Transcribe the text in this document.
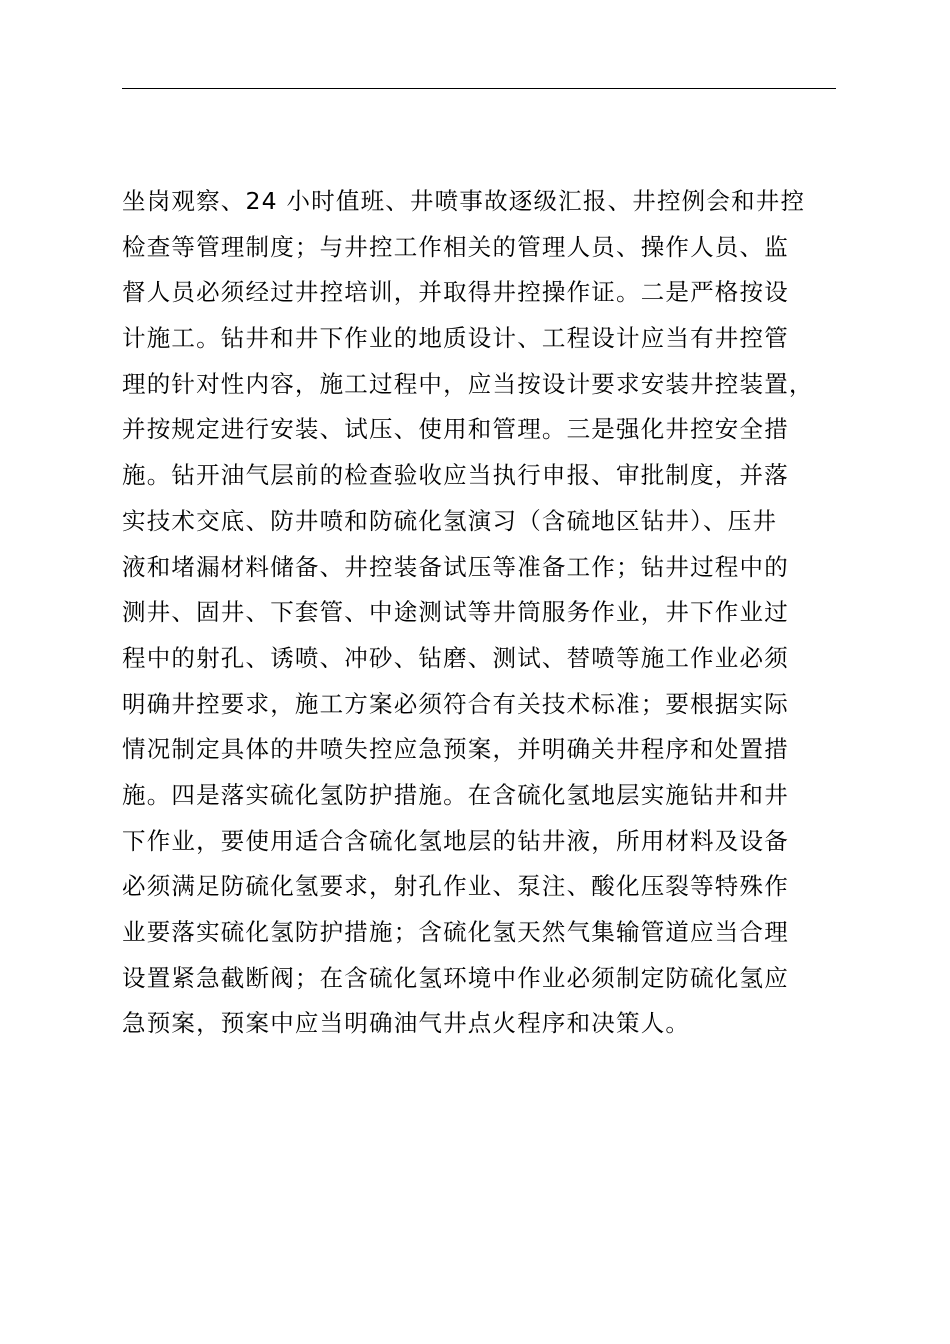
坐岗观察、24 小时值班、井喷事故逐级汇报、井控例会和井控
检查等管理制度；与井控工作相关的管理人员、操作人员、监
督人员必须经过井控培训，并取得井控操作证。二是严格按设
计施工。钻井和井下作业的地质设计、工程设计应当有井控管
理的针对性内容，施工过程中，应当按设计要求安装井控装置，
并按规定进行安装、试压、使用和管理。三是强化井控安全措
施。钻开油气层前的检查验收应当执行申报、审批制度，并落
实技术交底、防井喷和防硫化氢演习（含硫地区钻井）、压井
液和堵漏材料储备、井控装备试压等准备工作；钻井过程中的
测井、固井、下套管、中途测试等井筒服务作业，井下作业过
程中的射孔、诱喷、冲砂、钻磨、测试、替喷等施工作业必须
明确井控要求，施工方案必须符合有关技术标准；要根据实际
情况制定具体的井喷失控应急预案，并明确关井程序和处置措
施。四是落实硫化氢防护措施。在含硫化氢地层实施钻井和井
下作业，要使用适合含硫化氢地层的钻井液，所用材料及设备
必须满足防硫化氢要求，射孔作业、泵注、酸化压裂等特殊作
业要落实硫化氢防护措施；含硫化氢天然气集输管道应当合理
设置紧急截断阀；在含硫化氢环境中作业必须制定防硫化氢应
急预案，预案中应当明确油气井点火程序和决策人。
